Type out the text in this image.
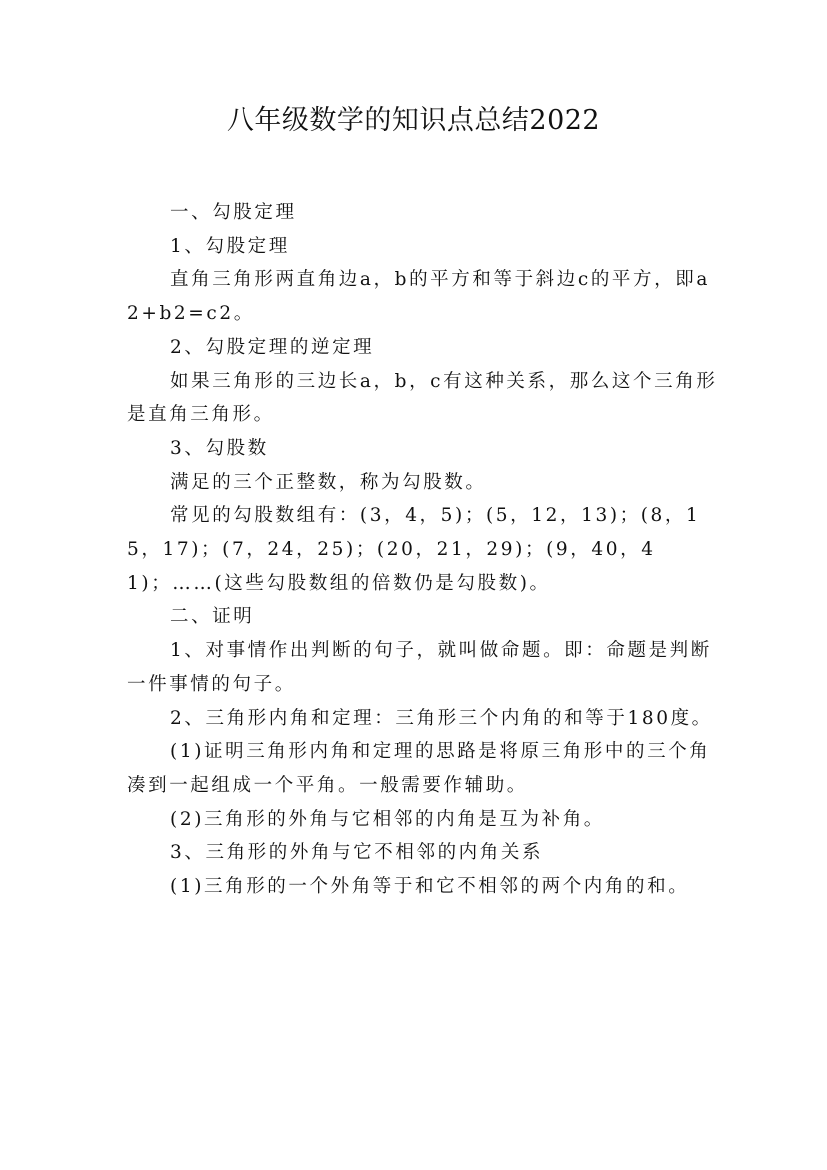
八年级数学的知识点总结2022

一、勾股定理

1、勾股定理

直角三角形两直角边a，b的平方和等于斜边c的平方，即a2+b2=c2。

2、勾股定理的逆定理

如果三角形的三边长a，b，c有这种关系，那么这个三角形是直角三角形。

3、勾股数

满足的三个正整数，称为勾股数。

常见的勾股数组有：(3，4，5)；(5，12，13)；(8，15，17)；(7，24，25)；(20，21，29)；(9，40，41)；……(这些勾股数组的倍数仍是勾股数)。

二、证明

1、对事情作出判断的句子，就叫做命题。即：命题是判断一件事情的句子。

2、三角形内角和定理：三角形三个内角的和等于180度。

(1)证明三角形内角和定理的思路是将原三角形中的三个角凑到一起组成一个平角。一般需要作辅助。

(2)三角形的外角与它相邻的内角是互为补角。

3、三角形的外角与它不相邻的内角关系

(1)三角形的一个外角等于和它不相邻的两个内角的和。
